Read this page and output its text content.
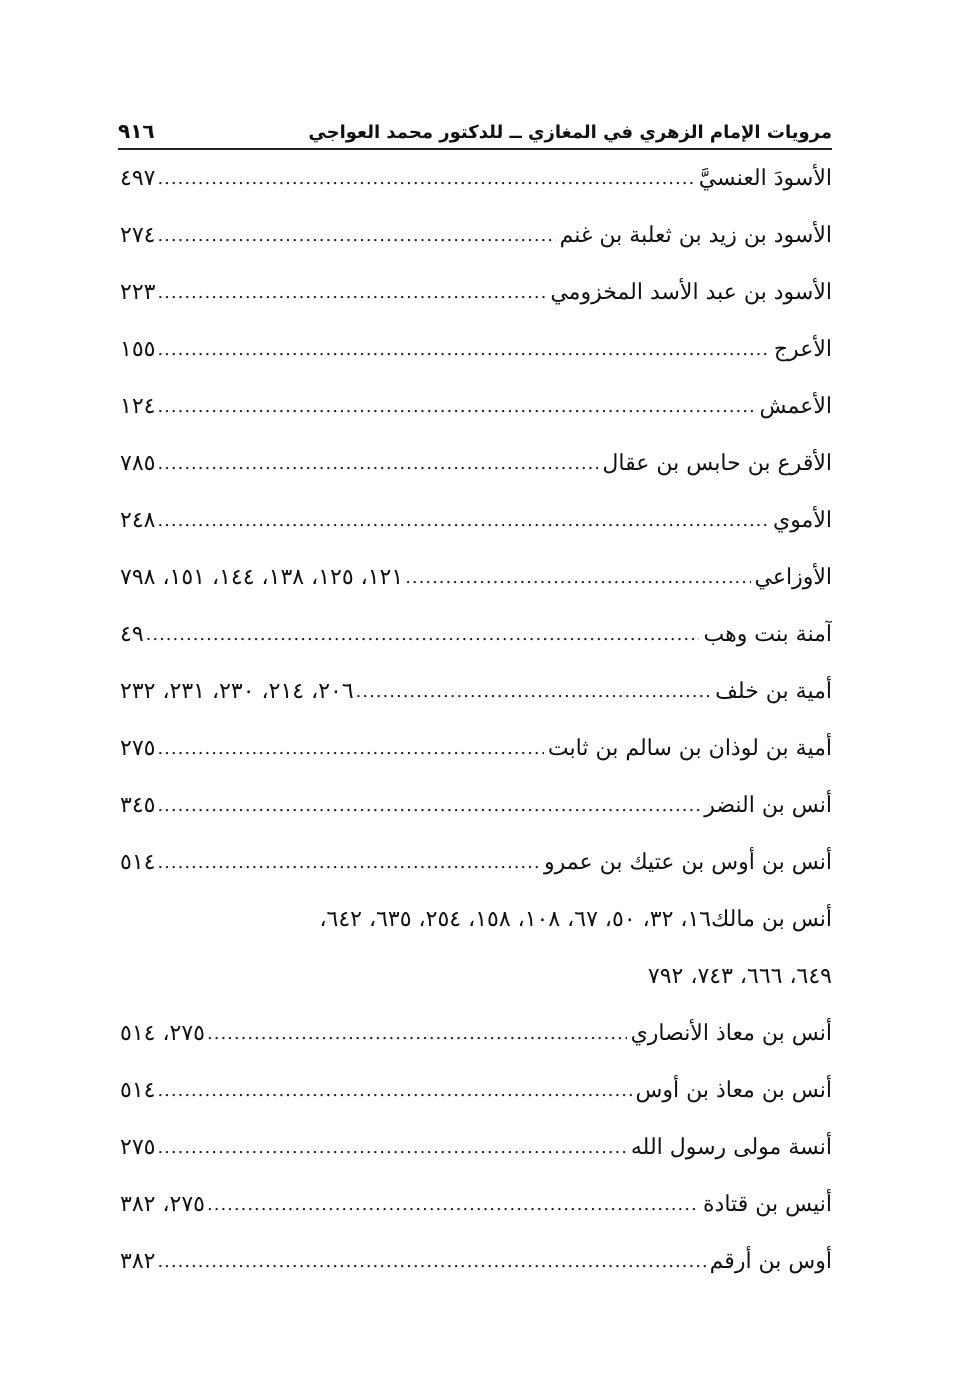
مرويات الإمام الزهري في المغازي ــ للدكتور محمد العواجي
٩١٦
الأسودَ العنسيَّ
.....
٤٩٧
الأسود بن زيد بن ثعلبة بن غنم
.....
٢٧٤
الأسود بن عبد الأسد المخزومي
.....
٢٢٣
الأعرج
.....
١٥٥
الأعمش
.....
١٢٤
الأقرع بن حابس بن عقال
.....
٧٨٥
الأموي
.....
٢٤٨
الأوزاعي
.....
١٢١، ١٢٥، ١٣٨، ١٤٤، ١٥١، ٧٩٨
آمنة بنت وهب
.....
٤٩
أمية بن خلف
.....
٢٠٦، ٢١٤، ٢٣٠، ٢٣١، ٢٣٢
أمية بن لوذان بن سالم بن ثابت
.....
٢٧٥
أنس بن النضر
.....
٣٤٥
أنس بن أوس بن عتيك بن عمرو
.....
٥١٤
أنس بن مالك١٦، ٣٢، ٥٠، ٦٧، ١٠٨، ١٥٨، ٢٥٤، ٦٣٥، ٦٤٢،
٦٤٩، ٦٦٦، ٧٤٣، ٧٩٢
أنس بن معاذ الأنصاري
.....
٢٧٥، ٥١٤
أنس بن معاذ بن أوس
.....
٥١٤
أنسة مولى رسول الله
.....
٢٧٥
أنيس بن قتادة
.....
٢٧٥، ٣٨٢
أوس بن أرقم
.....
٣٨٢
